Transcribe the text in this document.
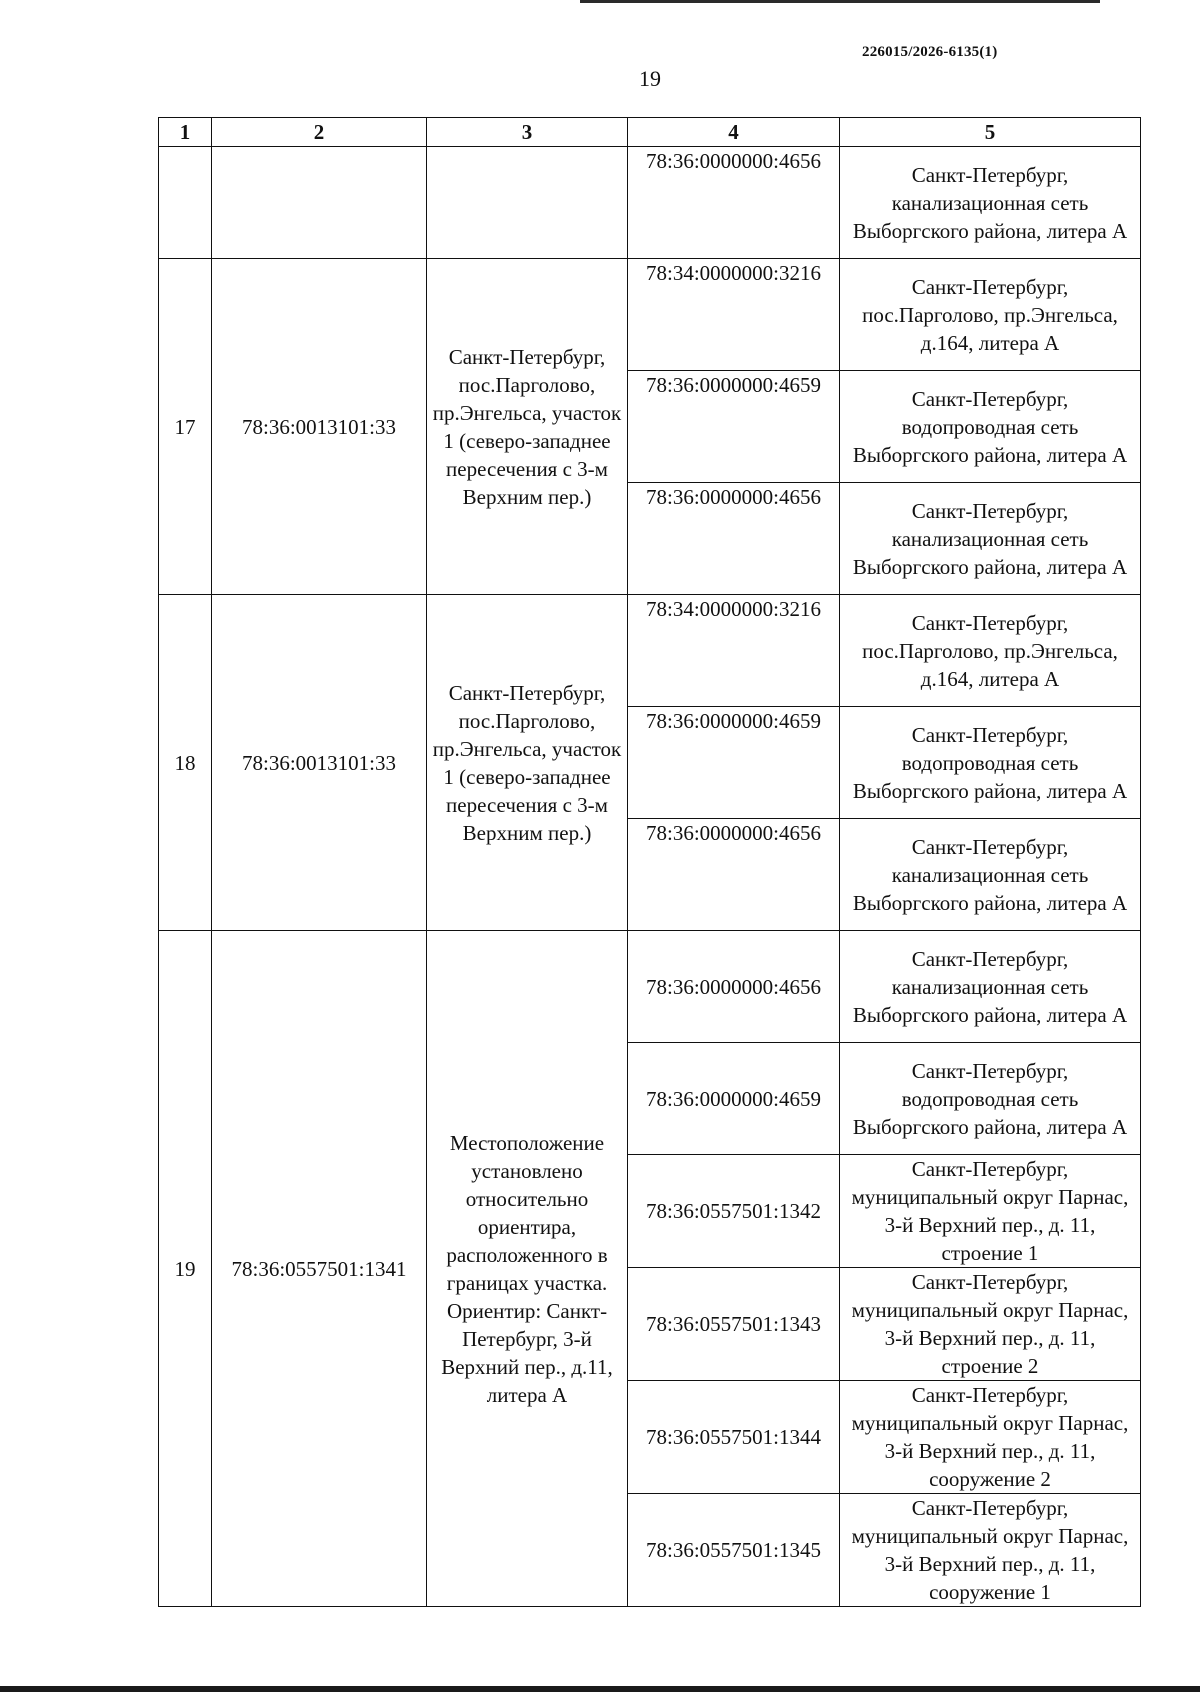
226015/2026-6135(1)
19
1	2	3	4	5
			78:36:0000000:4656	Санкт-Петербург, канализационная сеть Выборгского района, литера А
17	78:36:0013101:33	Санкт-Петербург, пос.Парголово, пр.Энгельса, участок 1 (северо-западнее пересечения с 3-м Верхним пер.)	78:34:0000000:3216	Санкт-Петербург, пос.Парголово, пр.Энгельса, д.164, литера А
			78:36:0000000:4659	Санкт-Петербург, водопроводная сеть Выборгского района, литера А
			78:36:0000000:4656	Санкт-Петербург, канализационная сеть Выборгского района, литера А
18	78:36:0013101:33	Санкт-Петербург, пос.Парголово, пр.Энгельса, участок 1 (северо-западнее пересечения с 3-м Верхним пер.)	78:34:0000000:3216	Санкт-Петербург, пос.Парголово, пр.Энгельса, д.164, литера А
			78:36:0000000:4659	Санкт-Петербург, водопроводная сеть Выборгского района, литера А
			78:36:0000000:4656	Санкт-Петербург, канализационная сеть Выборгского района, литера А
19	78:36:0557501:1341	Местоположение установлено относительно ориентира, расположенного в границах участка. Ориентир: Санкт-Петербург, 3-й Верхний пер., д.11, литера А	78:36:0000000:4656	Санкт-Петербург, канализационная сеть Выборгского района, литера А
			78:36:0000000:4659	Санкт-Петербург, водопроводная сеть Выборгского района, литера А
			78:36:0557501:1342	Санкт-Петербург, муниципальный округ Парнас, 3-й Верхний пер., д. 11, строение 1
			78:36:0557501:1343	Санкт-Петербург, муниципальный округ Парнас, 3-й Верхний пер., д. 11, строение 2
			78:36:0557501:1344	Санкт-Петербург, муниципальный округ Парнас, 3-й Верхний пер., д. 11, сооружение 2
			78:36:0557501:1345	Санкт-Петербург, муниципальный округ Парнас, 3-й Верхний пер., д. 11, сооружение 1
